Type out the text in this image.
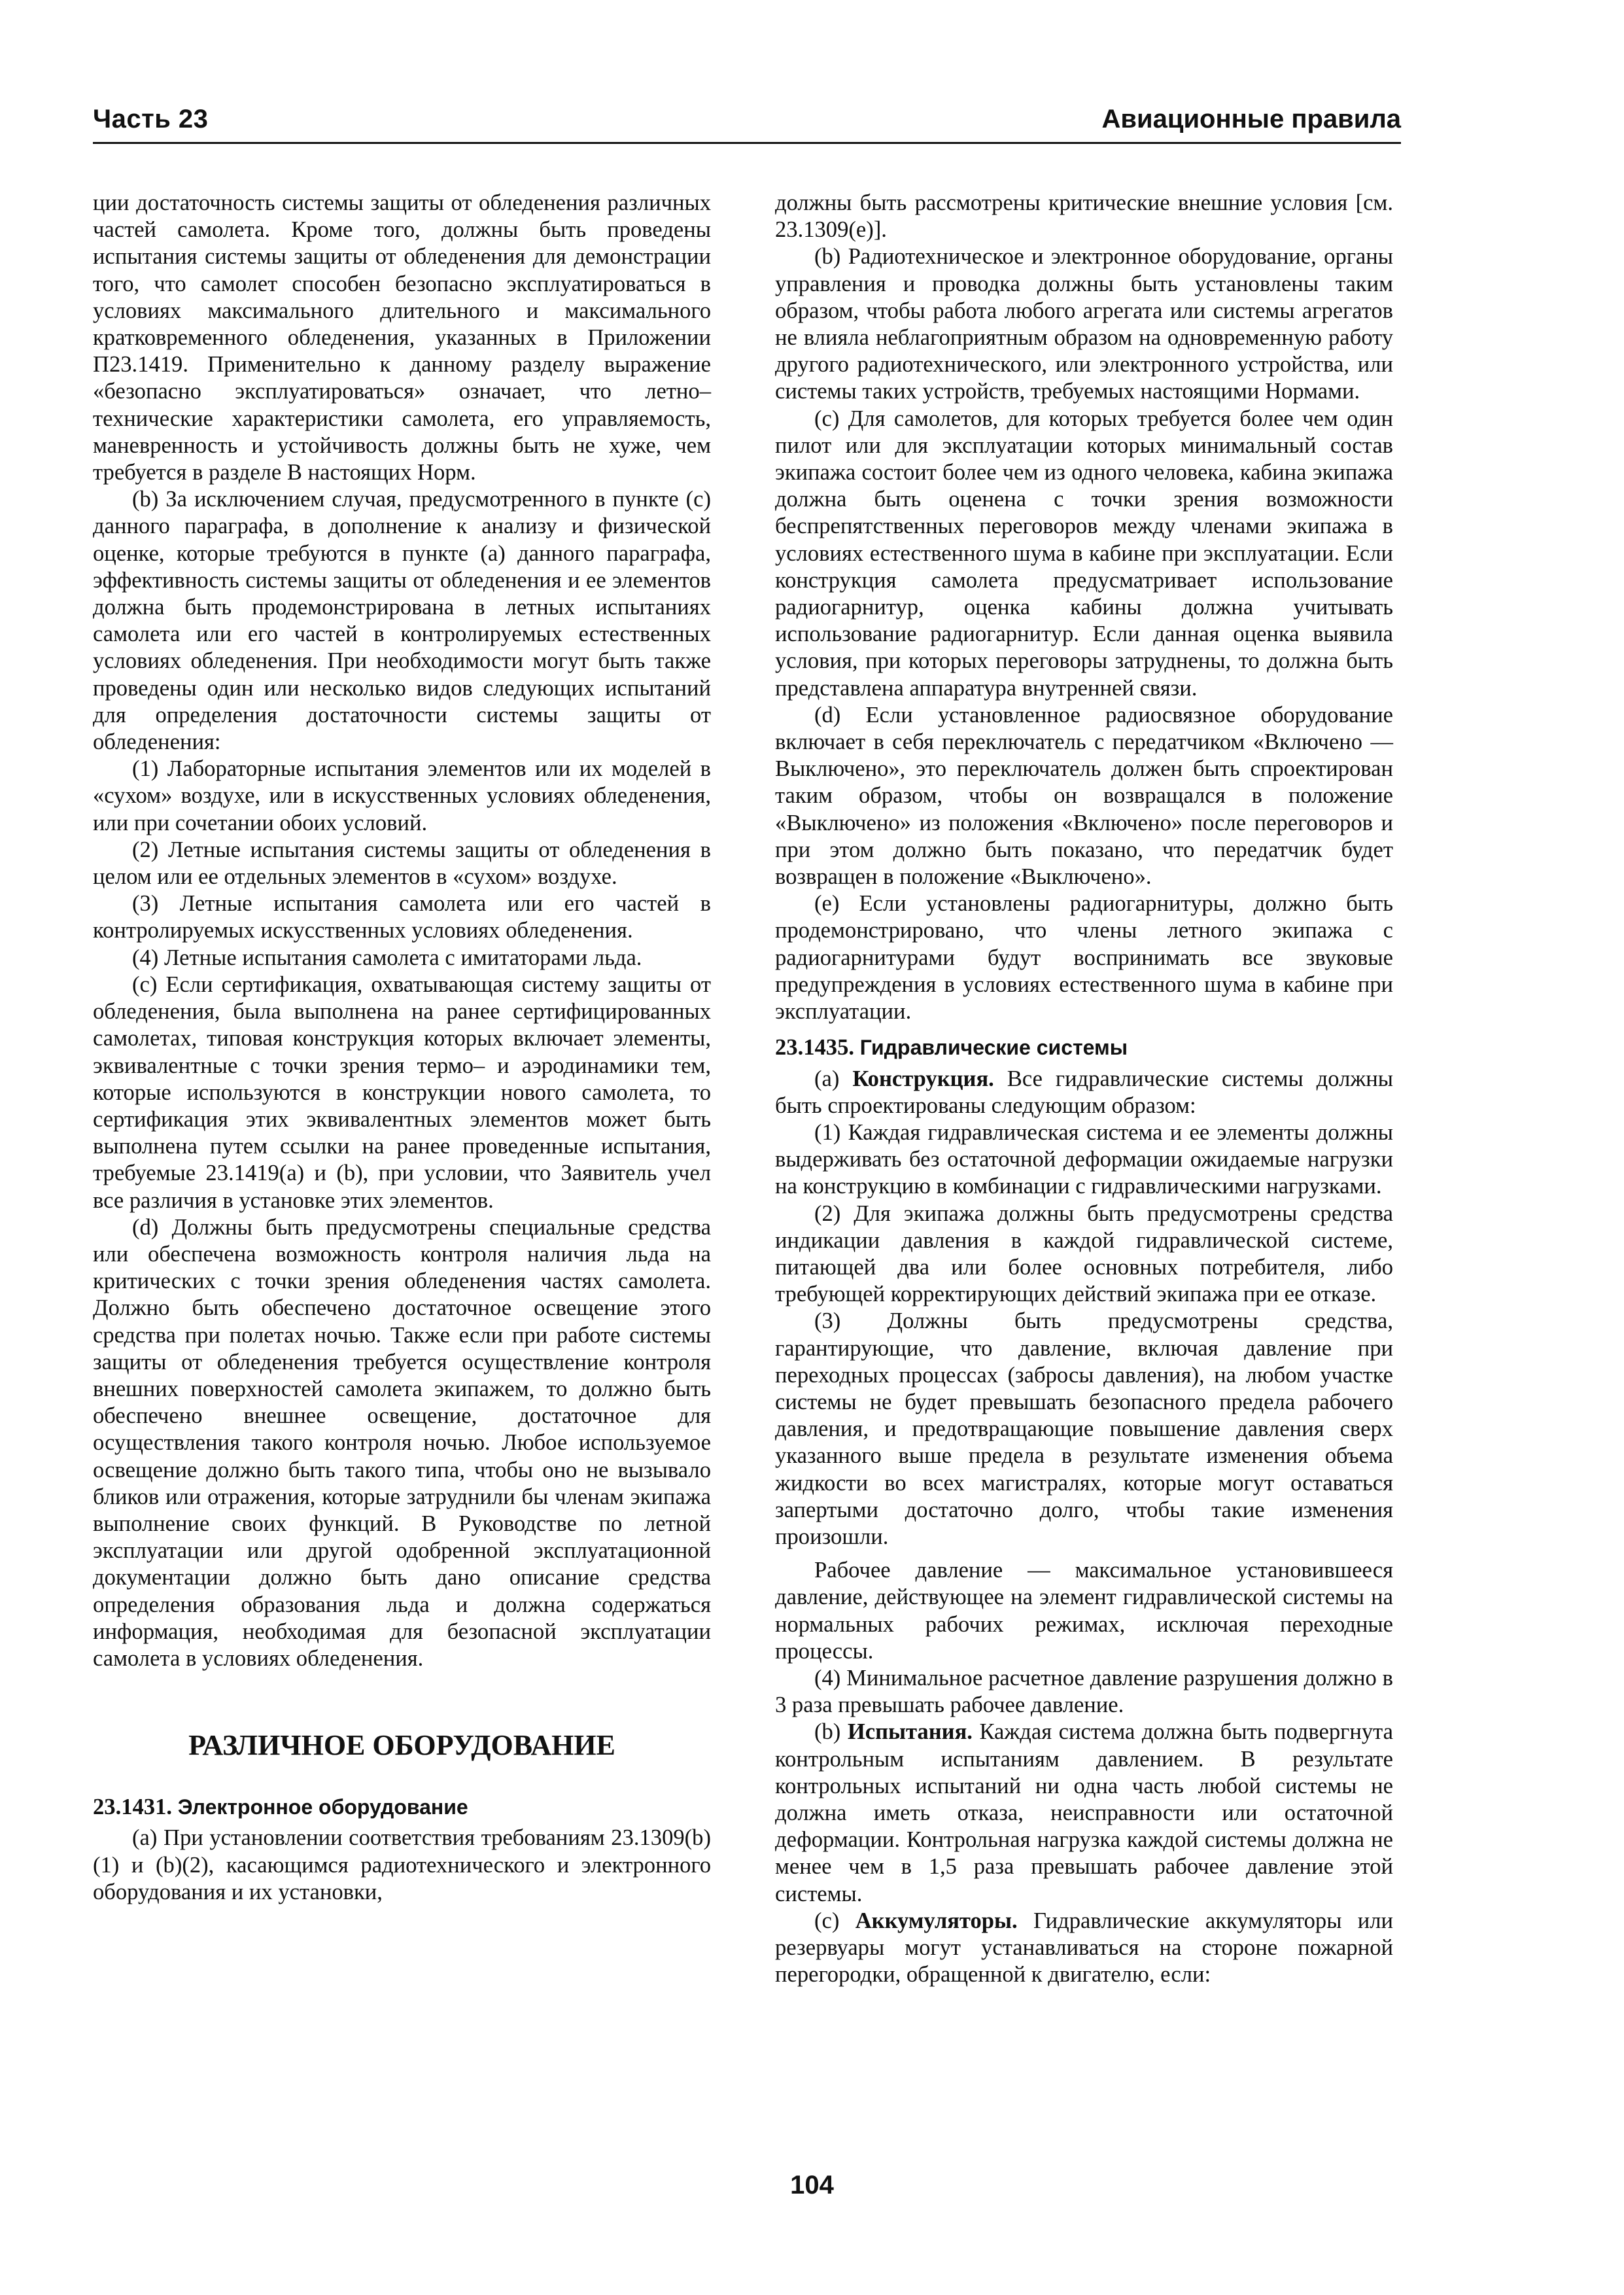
Часть 23	Авиационные правила

ции достаточность системы защиты от обледенения различных частей самолета. Кроме того, должны быть проведены испытания системы защиты от обледенения для демонстрации того, что самолет способен безопасно эксплуатироваться в условиях максимального длительного и максимального кратковременного обледенения, указанных в Приложении П23.1419. Применительно к данному разделу выражение «безопасно эксплуатироваться» означает, что летно–технические характеристики самолета, его управляемость, маневренность и устойчивость должны быть не хуже, чем требуется в разделе В настоящих Норм.

(b) За исключением случая, предусмотренного в пункте (c) данного параграфа, в дополнение к анализу и физической оценке, которые требуются в пункте (a) данного параграфа, эффективность системы защиты от обледенения и ее элементов должна быть продемонстрирована в летных испытаниях самолета или его частей в контролируемых естественных условиях обледенения. При необходимости могут быть также проведены один или несколько видов следующих испытаний для определения достаточности системы защиты от обледенения:

(1) Лабораторные испытания элементов или их моделей в «сухом» воздухе, или в искусственных условиях обледенения, или при сочетании обоих условий.

(2) Летные испытания системы защиты от обледенения в целом или ее отдельных элементов в «сухом» воздухе.

(3) Летные испытания самолета или его частей в контролируемых искусственных условиях обледенения.

(4) Летные испытания самолета с имитаторами льда.

(c) Если сертификация, охватывающая систему защиты от обледенения, была выполнена на ранее сертифицированных самолетах, типовая конструкция которых включает элементы, эквивалентные с точки зрения термо– и аэродинамики тем, которые используются в конструкции нового самолета, то сертификация этих эквивалентных элементов может быть выполнена путем ссылки на ранее проведенные испытания, требуемые 23.1419(a) и (b), при условии, что Заявитель учел все различия в установке этих элементов.

(d) Должны быть предусмотрены специальные средства или обеспечена возможность контроля наличия льда на критических с точки зрения обледенения частях самолета. Должно быть обеспечено достаточное освещение этого средства при полетах ночью. Также если при работе системы защиты от обледенения требуется осуществление контроля внешних поверхностей самолета экипажем, то должно быть обеспечено внешнее освещение, достаточное для осуществления такого контроля ночью. Любое используемое освещение должно быть такого типа, чтобы оно не вызывало бликов или отражения, которые затруднили бы членам экипажа выполнение своих функций. В Руководстве по летной эксплуатации или другой одобренной эксплуатационной документации должно быть дано описание средства определения образования льда и должна содержаться информация, необходимая для безопасной эксплуатации самолета в условиях обледенения.

РАЗЛИЧНОЕ ОБОРУДОВАНИЕ
23.1431. Электронное оборудование

(a) При установлении соответствия требованиям 23.1309(b)(1) и (b)(2), касающимся радиотехнического и электронного оборудования и их установки,

должны быть рассмотрены критические внешние условия [см. 23.1309(e)].

(b) Радиотехническое и электронное оборудование, органы управления и проводка должны быть установлены таким образом, чтобы работа любого агрегата или системы агрегатов не влияла неблагоприятным образом на одновременную работу другого радиотехнического, или электронного устройства, или системы таких устройств, требуемых настоящими Нормами.

(c) Для самолетов, для которых требуется более чем один пилот или для эксплуатации которых минимальный состав экипажа состоит более чем из одного человека, кабина экипажа должна быть оценена с точки зрения возможности беспрепятственных переговоров между членами экипажа в условиях естественного шума в кабине при эксплуатации. Если конструкция самолета предусматривает использование радиогарнитур, оценка кабины должна учитывать использование радиогарнитур. Если данная оценка выявила условия, при которых переговоры затруднены, то должна быть представлена аппаратура внутренней связи.

(d) Если установленное радиосвязное оборудование включает в себя переключатель с передатчиком «Включено — Выключено», это переключатель должен быть спроектирован таким образом, чтобы он возвращался в положение «Выключено» из положения «Включено» после переговоров и при этом должно быть показано, что передатчик будет возвращен в положение «Выключено».

(e) Если установлены радиогарнитуры, должно быть продемонстрировано, что члены летного экипажа с радиогарнитурами будут воспринимать все звуковые предупреждения в условиях естественного шума в кабине при эксплуатации.

23.1435. Гидравлические системы

(a) Конструкция. Все гидравлические системы должны быть спроектированы следующим образом:

(1) Каждая гидравлическая система и ее элементы должны выдерживать без остаточной деформации ожидаемые нагрузки на конструкцию в комбинации с гидравлическими нагрузками.

(2) Для экипажа должны быть предусмотрены средства индикации давления в каждой гидравлической системе, питающей два или более основных потребителя, либо требующей корректирующих действий экипажа при ее отказе.

(3) Должны быть предусмотрены средства, гарантирующие, что давление, включая давление при переходных процессах (забросы давления), на любом участке системы не будет превышать безопасного предела рабочего давления, и предотвращающие повышение давления сверх указанного выше предела в результате изменения объема жидкости во всех магистралях, которые могут оставаться запертыми достаточно долго, чтобы такие изменения произошли.

Рабочее давление — максимальное установившееся давление, действующее на элемент гидравлической системы на нормальных рабочих режимах, исключая переходные процессы.

(4) Минимальное расчетное давление разрушения должно в 3 раза превышать рабочее давление.

(b) Испытания. Каждая система должна быть подвергнута контрольным испытаниям давлением. В результате контрольных испытаний ни одна часть любой системы не должна иметь отказа, неисправности или остаточной деформации. Контрольная нагрузка каждой системы должна не менее чем в 1,5 раза превышать рабочее давление этой системы.

(c) Аккумуляторы. Гидравлические аккумуляторы или резервуары могут устанавливаться на стороне пожарной перегородки, обращенной к двигателю, если:

104
